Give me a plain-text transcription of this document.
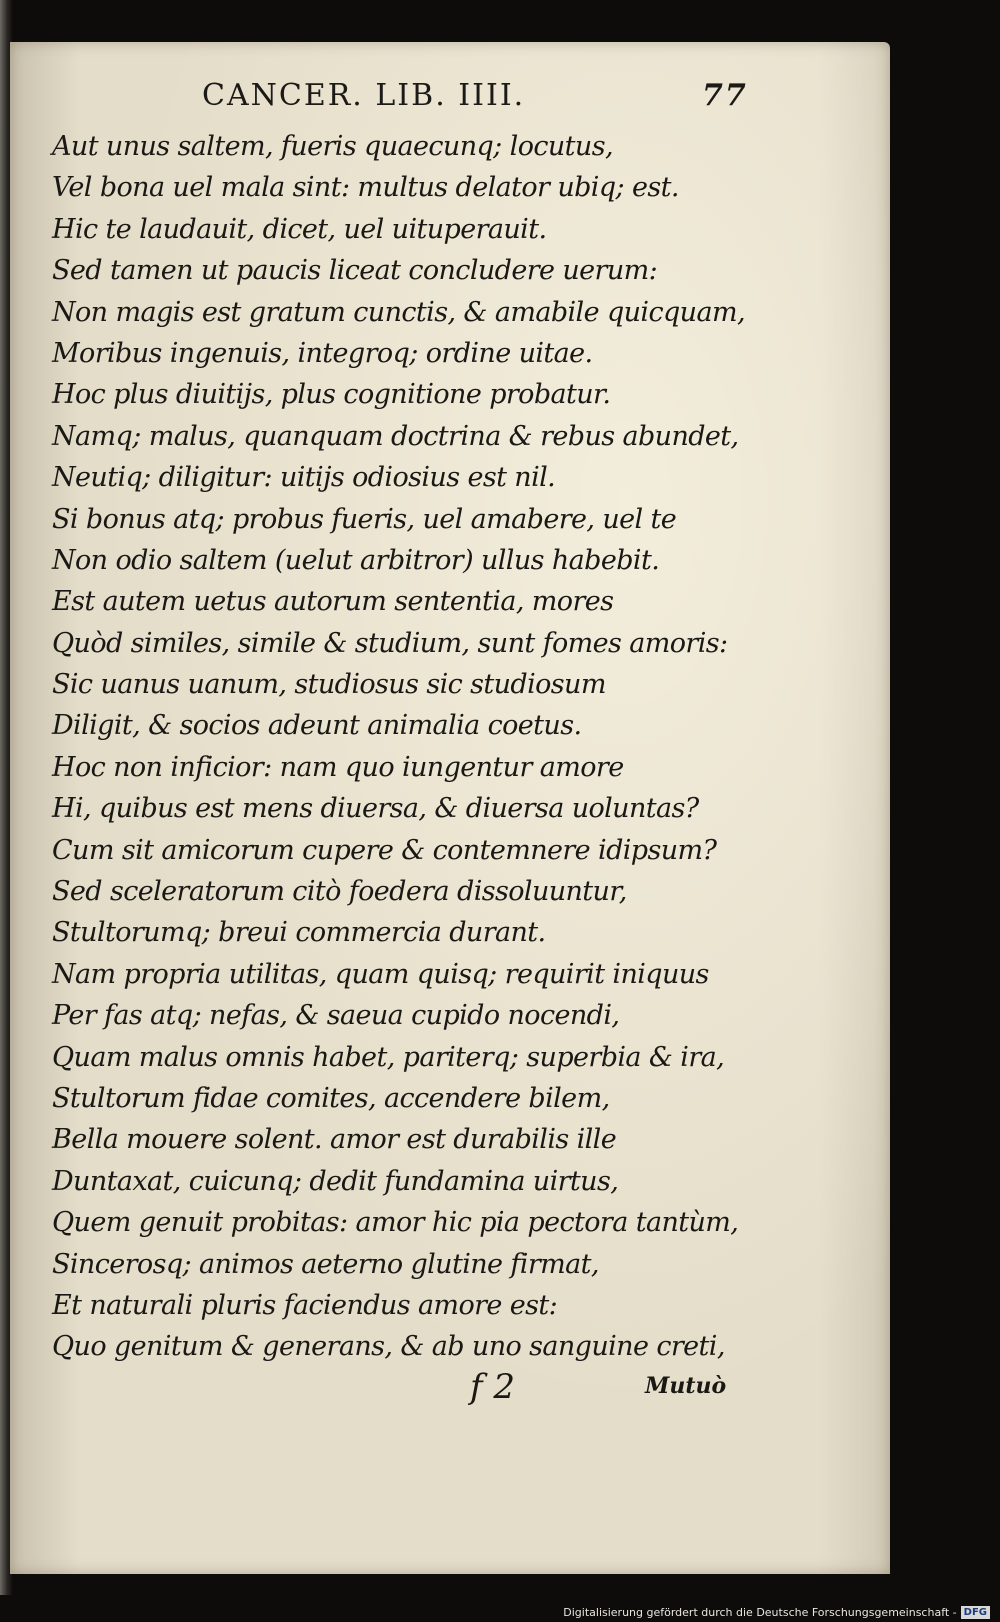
CANCER. LIB. IIII.	77
Aut unus saltem, fueris quaecunq; locutus,
Vel bona uel mala sint: multus delator ubiq; est.
Hic te laudauit, dicet, uel uituperauit.
Sed tamen ut paucis liceat concludere uerum:
Non magis est gratum cunctis, & amabile quicquam,
Moribus ingenuis, integroq; ordine uitae.
Hoc plus diuitijs, plus cognitione probatur.
Namq; malus, quanquam doctrina & rebus abundet,
Neutiq; diligitur: uitijs odiosius est nil.
Si bonus atq; probus fueris, uel amabere, uel te
Non odio saltem (uelut arbitror) ullus habebit.
Est autem uetus autorum sententia, mores
Quòd similes, simile & studium, sunt fomes amoris:
Sic uanus uanum, studiosus sic studiosum
Diligit, & socios adeunt animalia coetus.
Hoc non inficior: nam quo iungentur amore
Hi, quibus est mens diuersa, & diuersa uoluntas?
Cum sit amicorum cupere & contemnere idipsum?
Sed sceleratorum citò foedera dissoluuntur,
Stultorumq; breui commercia durant.
Nam propria utilitas, quam quisq; requirit iniquus
Per fas atq; nefas, & saeua cupido nocendi,
Quam malus omnis habet, pariterq; superbia & ira,
Stultorum fidae comites, accendere bilem,
Bella mouere solent. amor est durabilis ille
Duntaxat, cuicunq; dedit fundamina uirtus,
Quem genuit probitas: amor hic pia pectora tantùm,
Sincerosq; animos aeterno glutine firmat,
Et naturali pluris faciendus amore est:
Quo genitum & generans, & ab uno sanguine creti,
f 2	Mutuò
Digitalisierung gefördert durch die Deutsche Forschungsgemeinschaft - DFG
